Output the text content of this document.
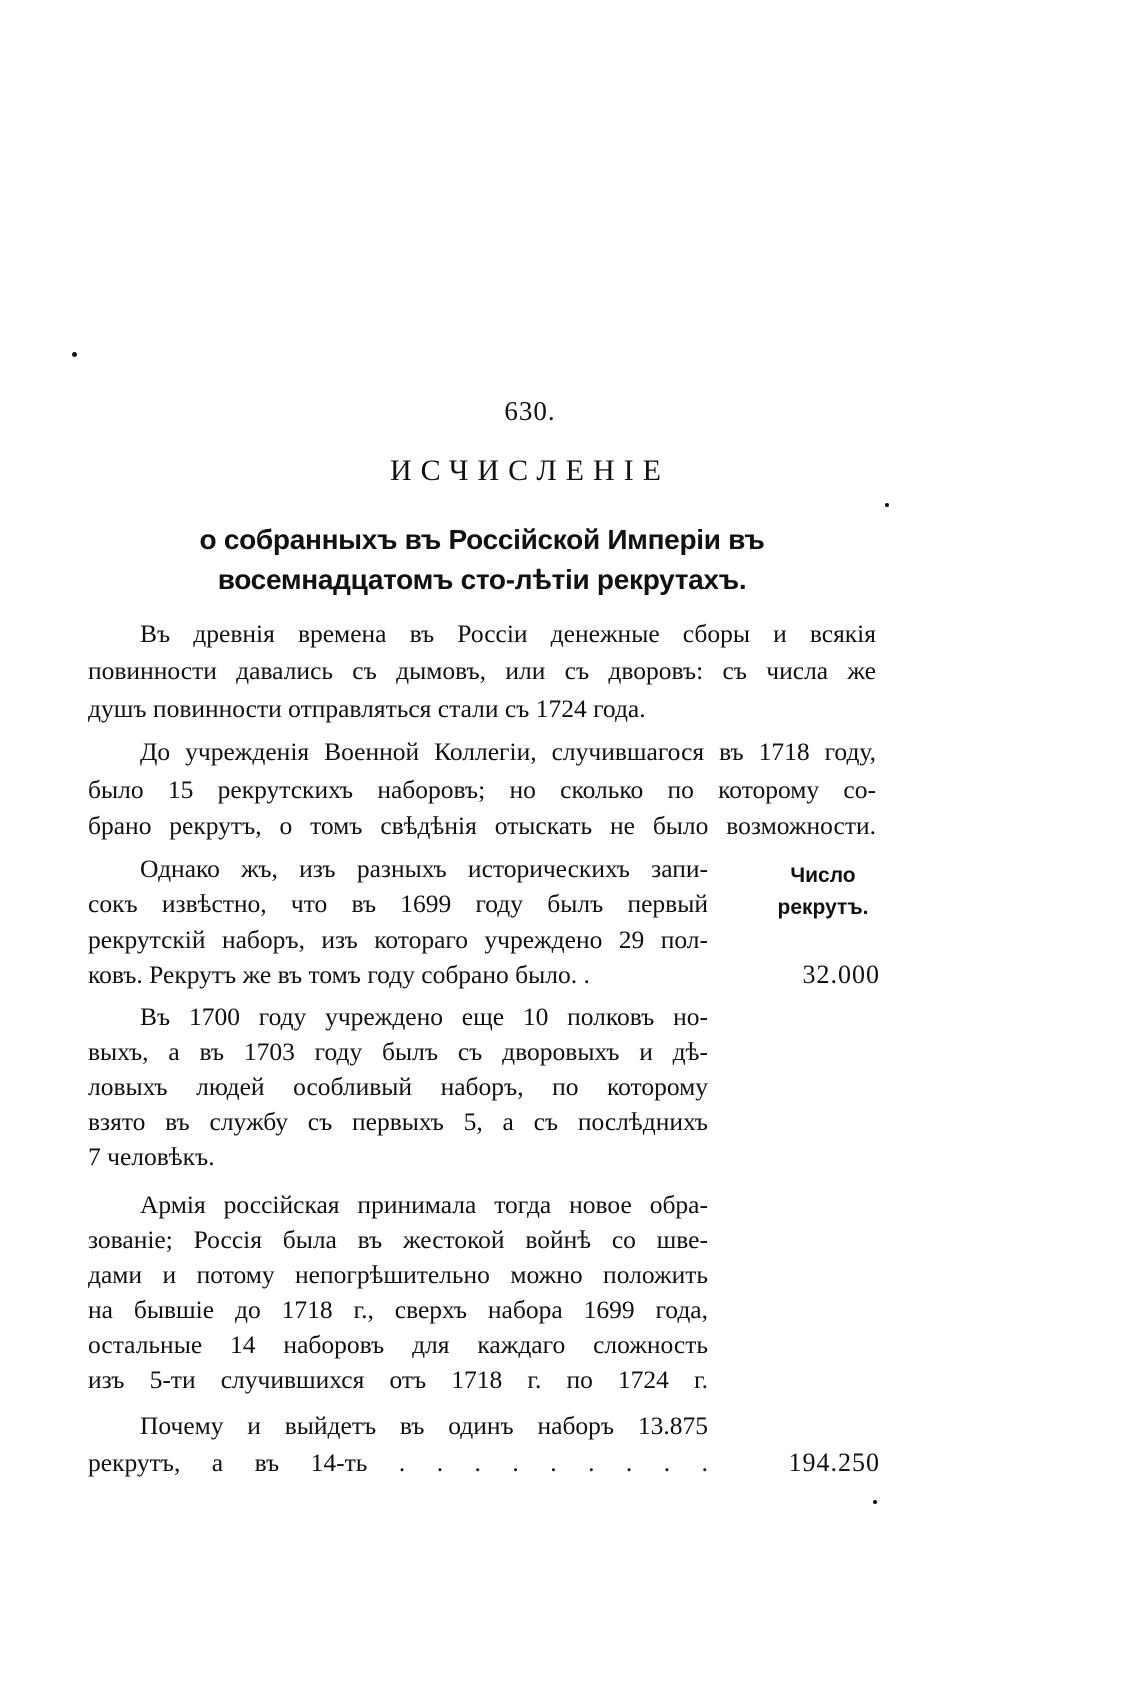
630.
ИСЧИСЛЕНIЕ
о собранныхъ въ Россiйской Имперiи въ восемнадцатомъ сто-лѣтiи рекрутахъ.
Въ древнiя времена въ Россiи денежные сборы и всякiя
повинности давались съ дымовъ, или съ дворовъ: съ числа же
душъ повинности отправляться стали съ 1724 года.
До учрежденiя Военной Коллегiи, случившагося въ 1718 году,
было 15 рекрутскихъ наборовъ; но сколько по которому со-
брано рекрутъ, о томъ свѣдѣнiя отыскать не было возможности.
Однако жъ, изъ разныхъ историческихъ запи-
сокъ извѣстно, что въ 1699 году былъ первый
рекрутскiй наборъ, изъ котораго учреждено 29 пол-
ковъ. Рекрутъ же въ томъ году собрано было. .
Число рекрутъ.
32.000
Въ 1700 году учреждено еще 10 полковъ но-
выхъ, а въ 1703 году былъ съ дворовыхъ и дѣ-
ловыхъ людей особливый наборъ, по которому
взято въ службу съ первыхъ 5, а съ послѣднихъ
7 человѣкъ.
Армiя россiйская принимала тогда новое обра-
зованiе; Россiя была въ жестокой войнѣ со шве-
дами и потому непогрѣшительно можно положить
на бывшiе до 1718 г., сверхъ набора 1699 года,
остальные 14 наборовъ для каждаго сложность
изъ 5-ти случившихся отъ 1718 г. по 1724 г.
Почему и выйдетъ въ одинъ наборъ 13.875
рекрутъ, а въ 14-ть . . . . . . . . .	194.250
